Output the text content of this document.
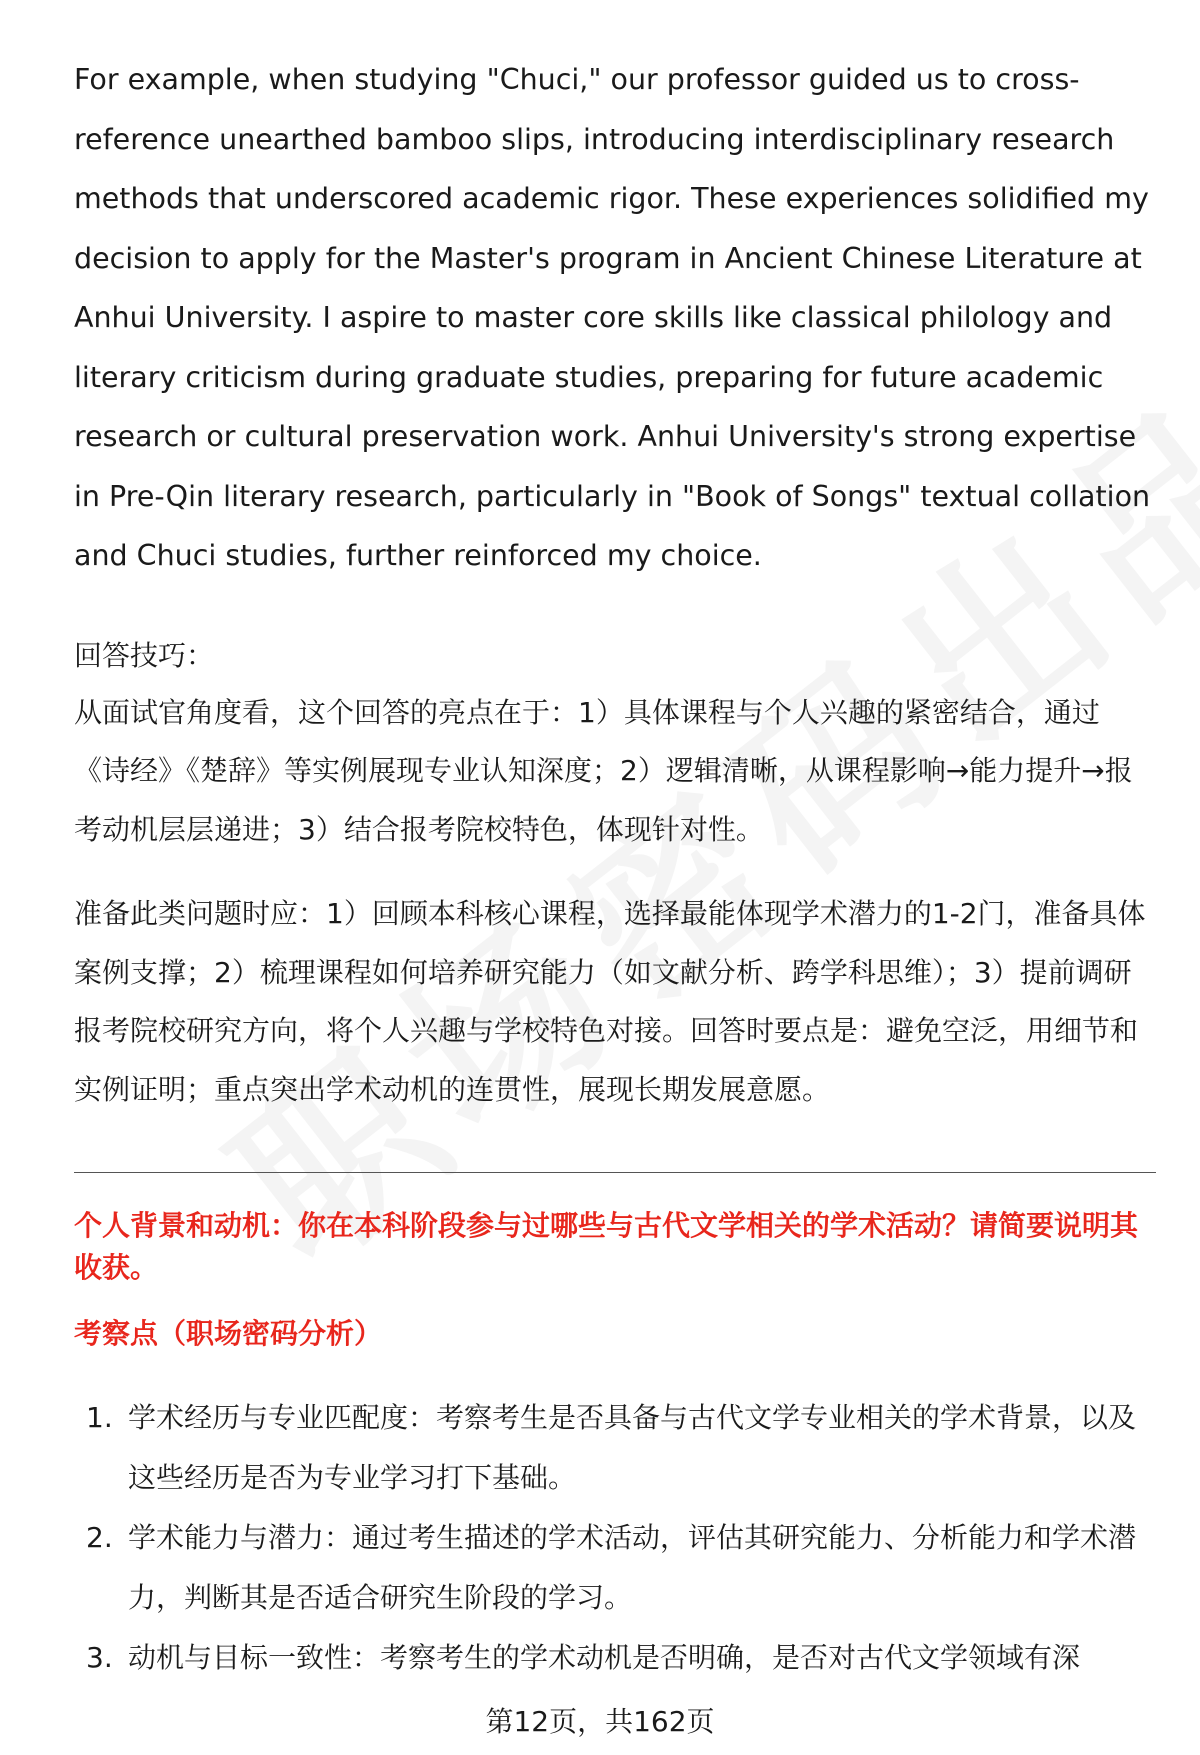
For example, when studying "Chuci," our professor guided us to cross-reference unearthed bamboo slips, introducing interdisciplinary research methods that underscored academic rigor. These experiences solidified my decision to apply for the Master's program in Ancient Chinese Literature at Anhui University. I aspire to master core skills like classical philology and literary criticism during graduate studies, preparing for future academic research or cultural preservation work. Anhui University's strong expertise in Pre-Qin literary research, particularly in "Book of Songs" textual collation and Chuci studies, further reinforced my choice.

回答技巧：

从面试官角度看，这个回答的亮点在于：1）具体课程与个人兴趣的紧密结合，通过《诗经》《楚辞》等实例展现专业认知深度；2）逻辑清晰，从课程影响→能力提升→报考动机层层递进；3）结合报考院校特色，体现针对性。

准备此类问题时应：1）回顾本科核心课程，选择最能体现学术潜力的1-2门，准备具体案例支撑；2）梳理课程如何培养研究能力（如文献分析、跨学科思维）；3）提前调研报考院校研究方向，将个人兴趣与学校特色对接。回答时要点是：避免空泛，用细节和实例证明；重点突出学术动机的连贯性，展现长期发展意愿。

个人背景和动机：你在本科阶段参与过哪些与古代文学相关的学术活动？请简要说明其收获。

考察点（职场密码分析）

1. 学术经历与专业匹配度：考察考生是否具备与古代文学专业相关的学术背景，以及这些经历是否为专业学习打下基础。
2. 学术能力与潜力：通过考生描述的学术活动，评估其研究能力、分析能力和学术潜力，判断其是否适合研究生阶段的学习。
3. 动机与目标一致性：考察考生的学术动机是否明确，是否对古代文学领域有深
第12页，共162页
